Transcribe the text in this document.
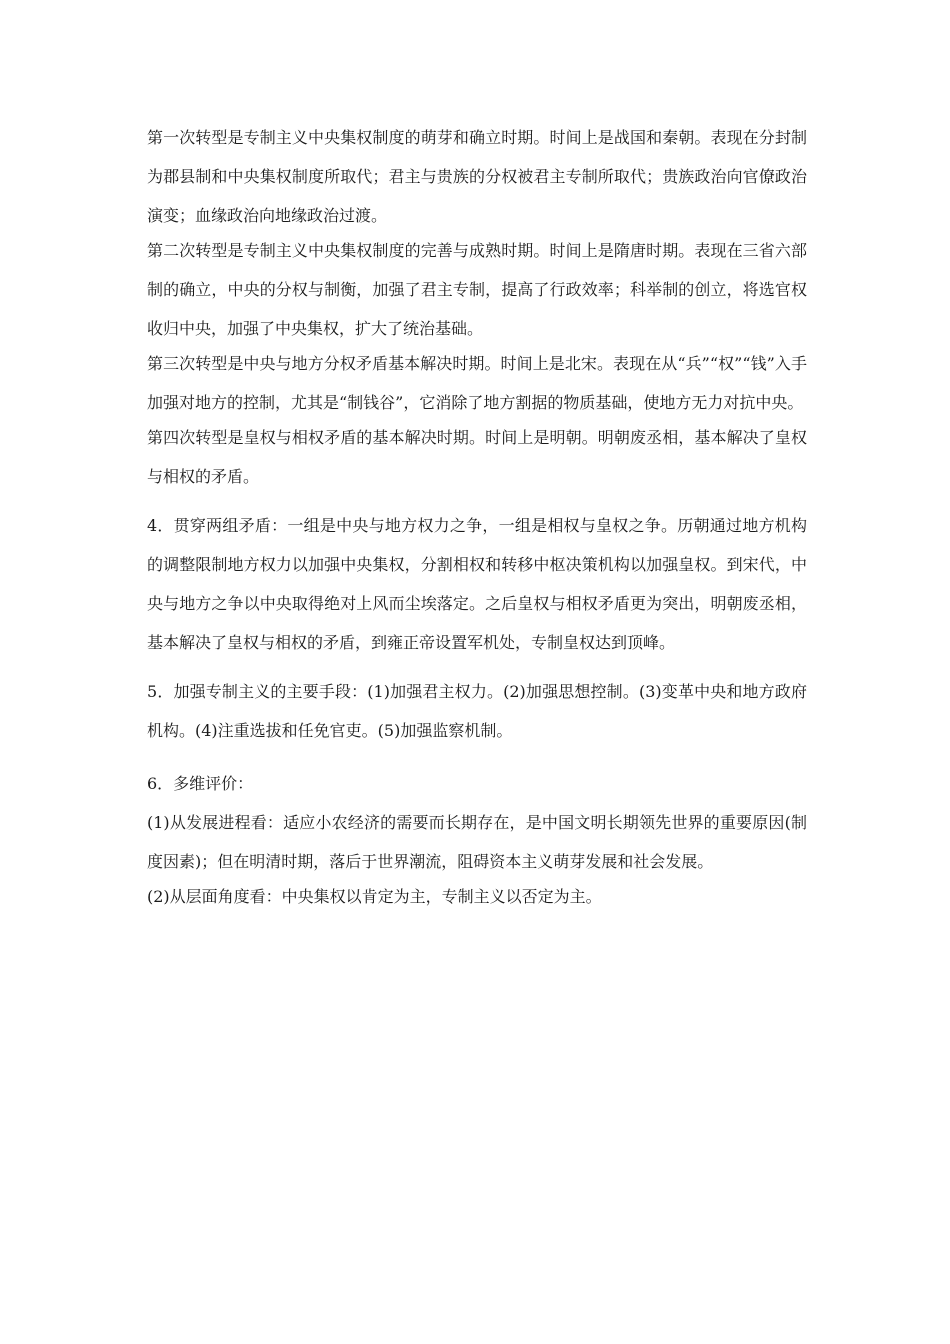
第一次转型是专制主义中央集权制度的萌芽和确立时期。时间上是战国和秦朝。表现在分封制为郡县制和中央集权制度所取代；君主与贵族的分权被君主专制所取代；贵族政治向官僚政治演变；血缘政治向地缘政治过渡。

第二次转型是专制主义中央集权制度的完善与成熟时期。时间上是隋唐时期。表现在三省六部制的确立，中央的分权与制衡，加强了君主专制，提高了行政效率；科举制的创立，将选官权收归中央，加强了中央集权，扩大了统治基础。

第三次转型是中央与地方分权矛盾基本解决时期。时间上是北宋。表现在从“兵”“权”“钱”入手加强对地方的控制，尤其是“制钱谷”，它消除了地方割据的物质基础，使地方无力对抗中央。

第四次转型是皇权与相权矛盾的基本解决时期。时间上是明朝。明朝废丞相，基本解决了皇权与相权的矛盾。

4．贯穿两组矛盾：一组是中央与地方权力之争，一组是相权与皇权之争。历朝通过地方机构的调整限制地方权力以加强中央集权，分割相权和转移中枢决策机构以加强皇权。到宋代，中央与地方之争以中央取得绝对上风而尘埃落定。之后皇权与相权矛盾更为突出，明朝废丞相，基本解决了皇权与相权的矛盾，到雍正帝设置军机处，专制皇权达到顶峰。

5．加强专制主义的主要手段：(1)加强君主权力。(2)加强思想控制。(3)变革中央和地方政府机构。(4)注重选拔和任免官吏。(5)加强监察机制。

6．多维评价：

(1)从发展进程看：适应小农经济的需要而长期存在，是中国文明长期领先世界的重要原因(制度因素)；但在明清时期，落后于世界潮流，阻碍资本主义萌芽发展和社会发展。

(2)从层面角度看：中央集权以肯定为主，专制主义以否定为主。
